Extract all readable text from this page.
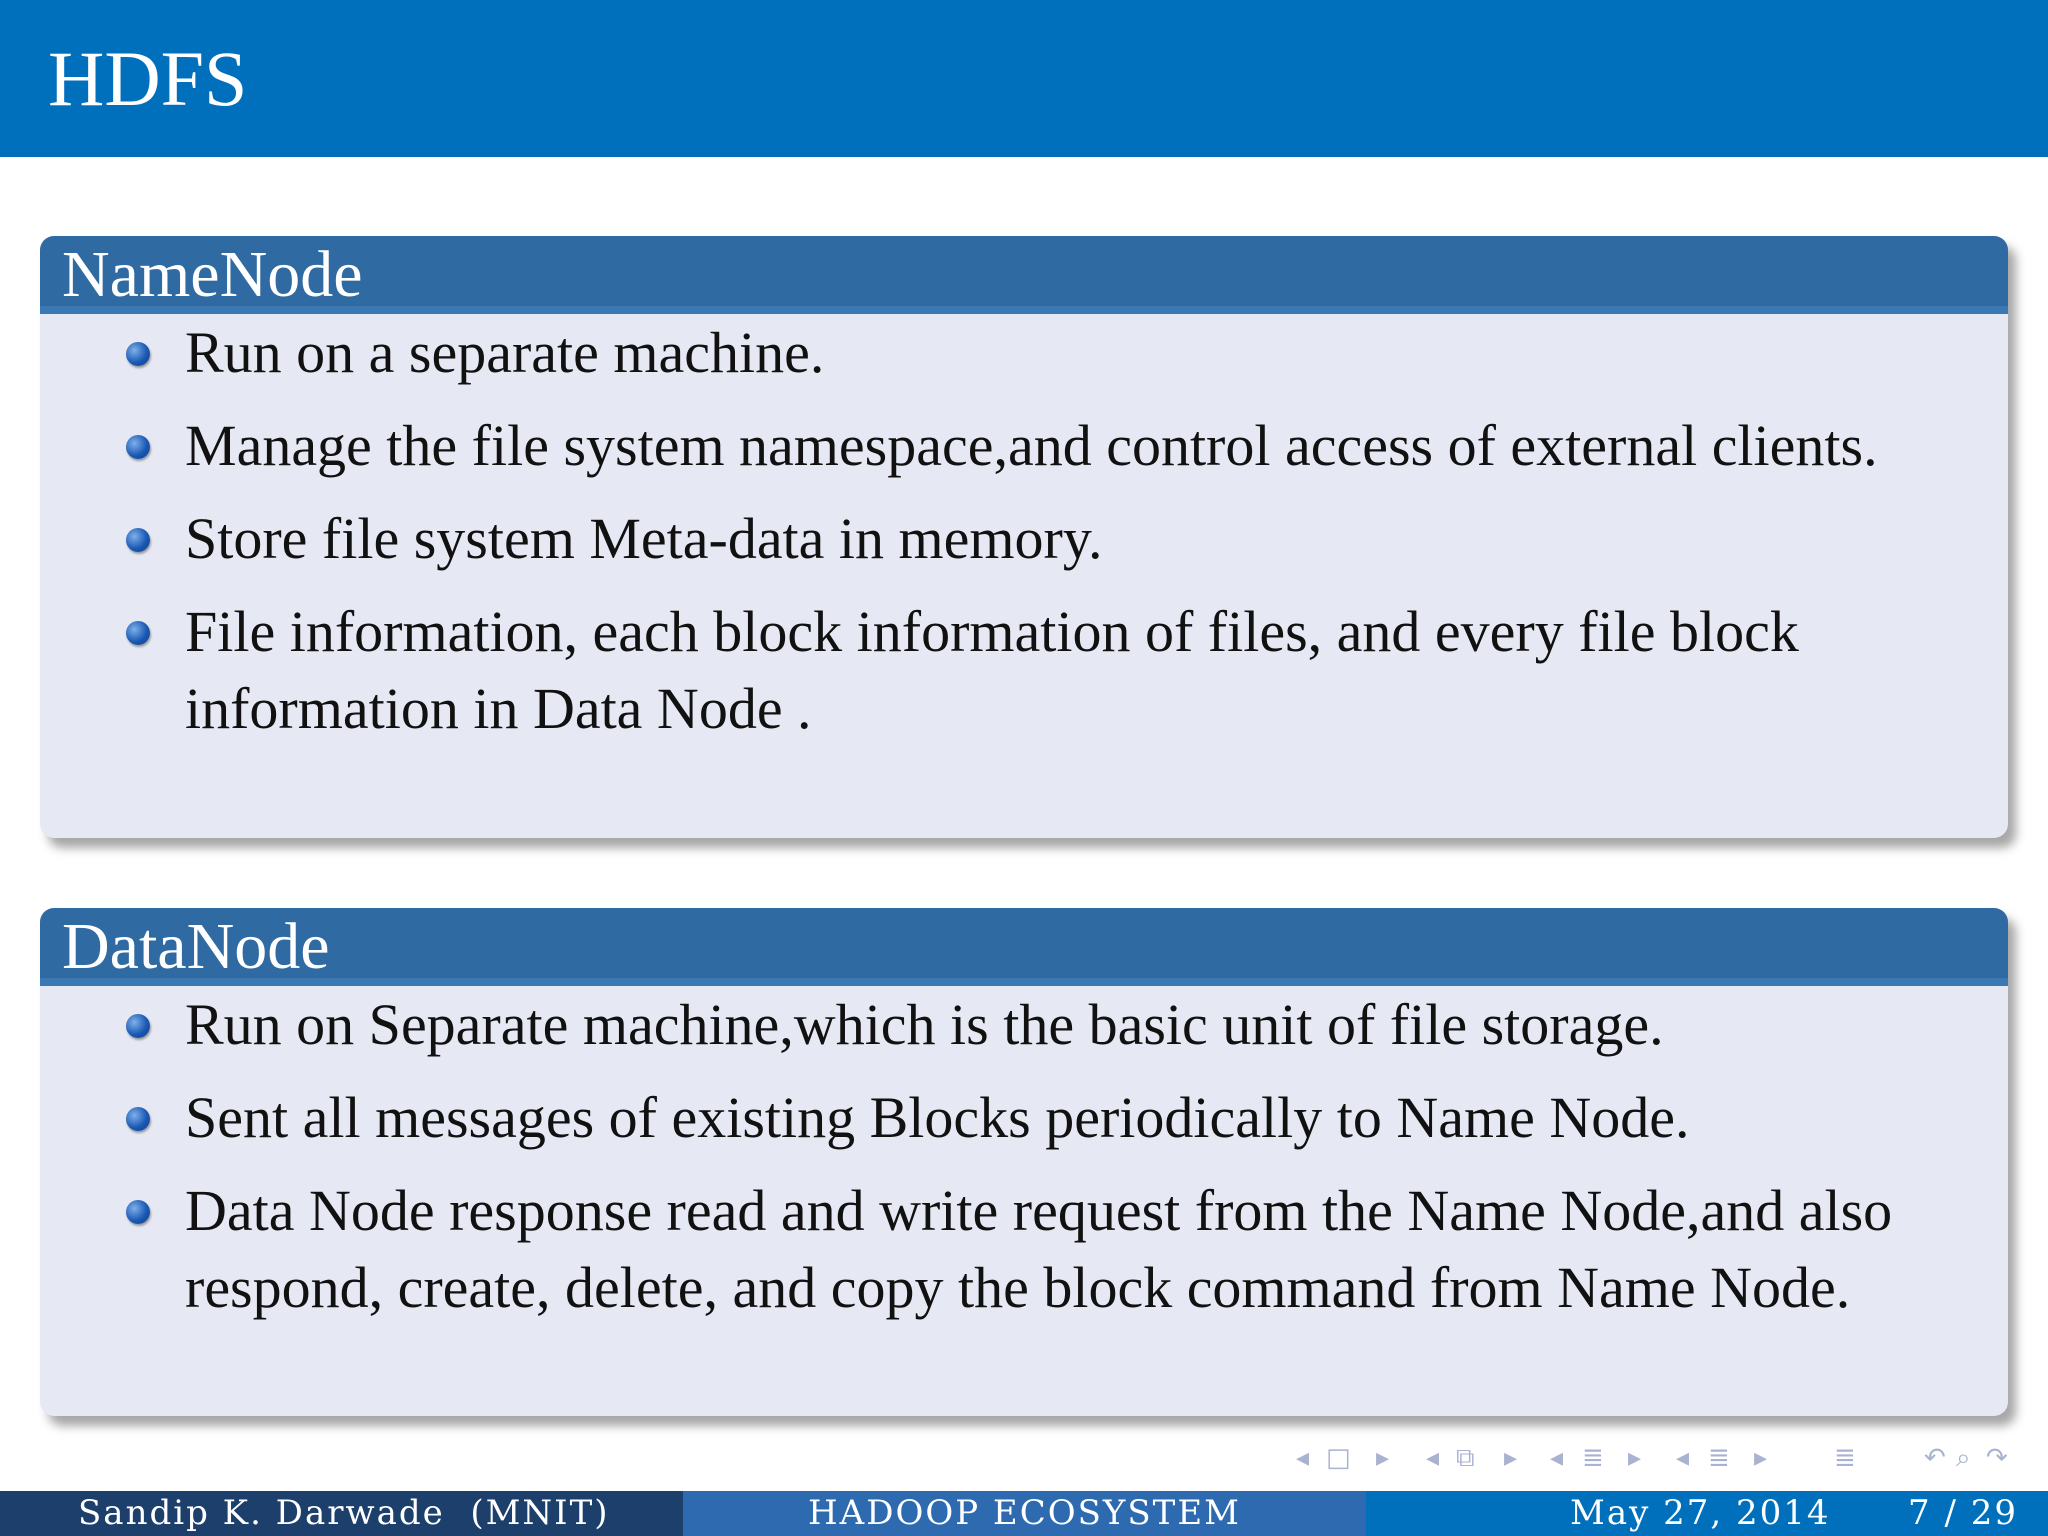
HDFS
NameNode
Run on a separate machine.
Manage the file system namespace,and control access of external clients.
Store file system Meta-data in memory.
File information, each block information of files, and every file block information in Data Node .
DataNode
Run on Separate machine,which is the basic unit of file storage.
Sent all messages of existing Blocks periodically to Name Node.
Data Node response read and write request from the Name Node,and also respond, create, delete, and copy the block command from Name Node.
◂ □ ▸ ◂ ⧉ ▸ ◂ ≣ ▸ ◂ ≣ ▸	≣	↶ ⌕ ↷
Sandip K. Darwade  (MNIT)	HADOOP ECOSYSTEM	May 27, 2014 7 / 29
